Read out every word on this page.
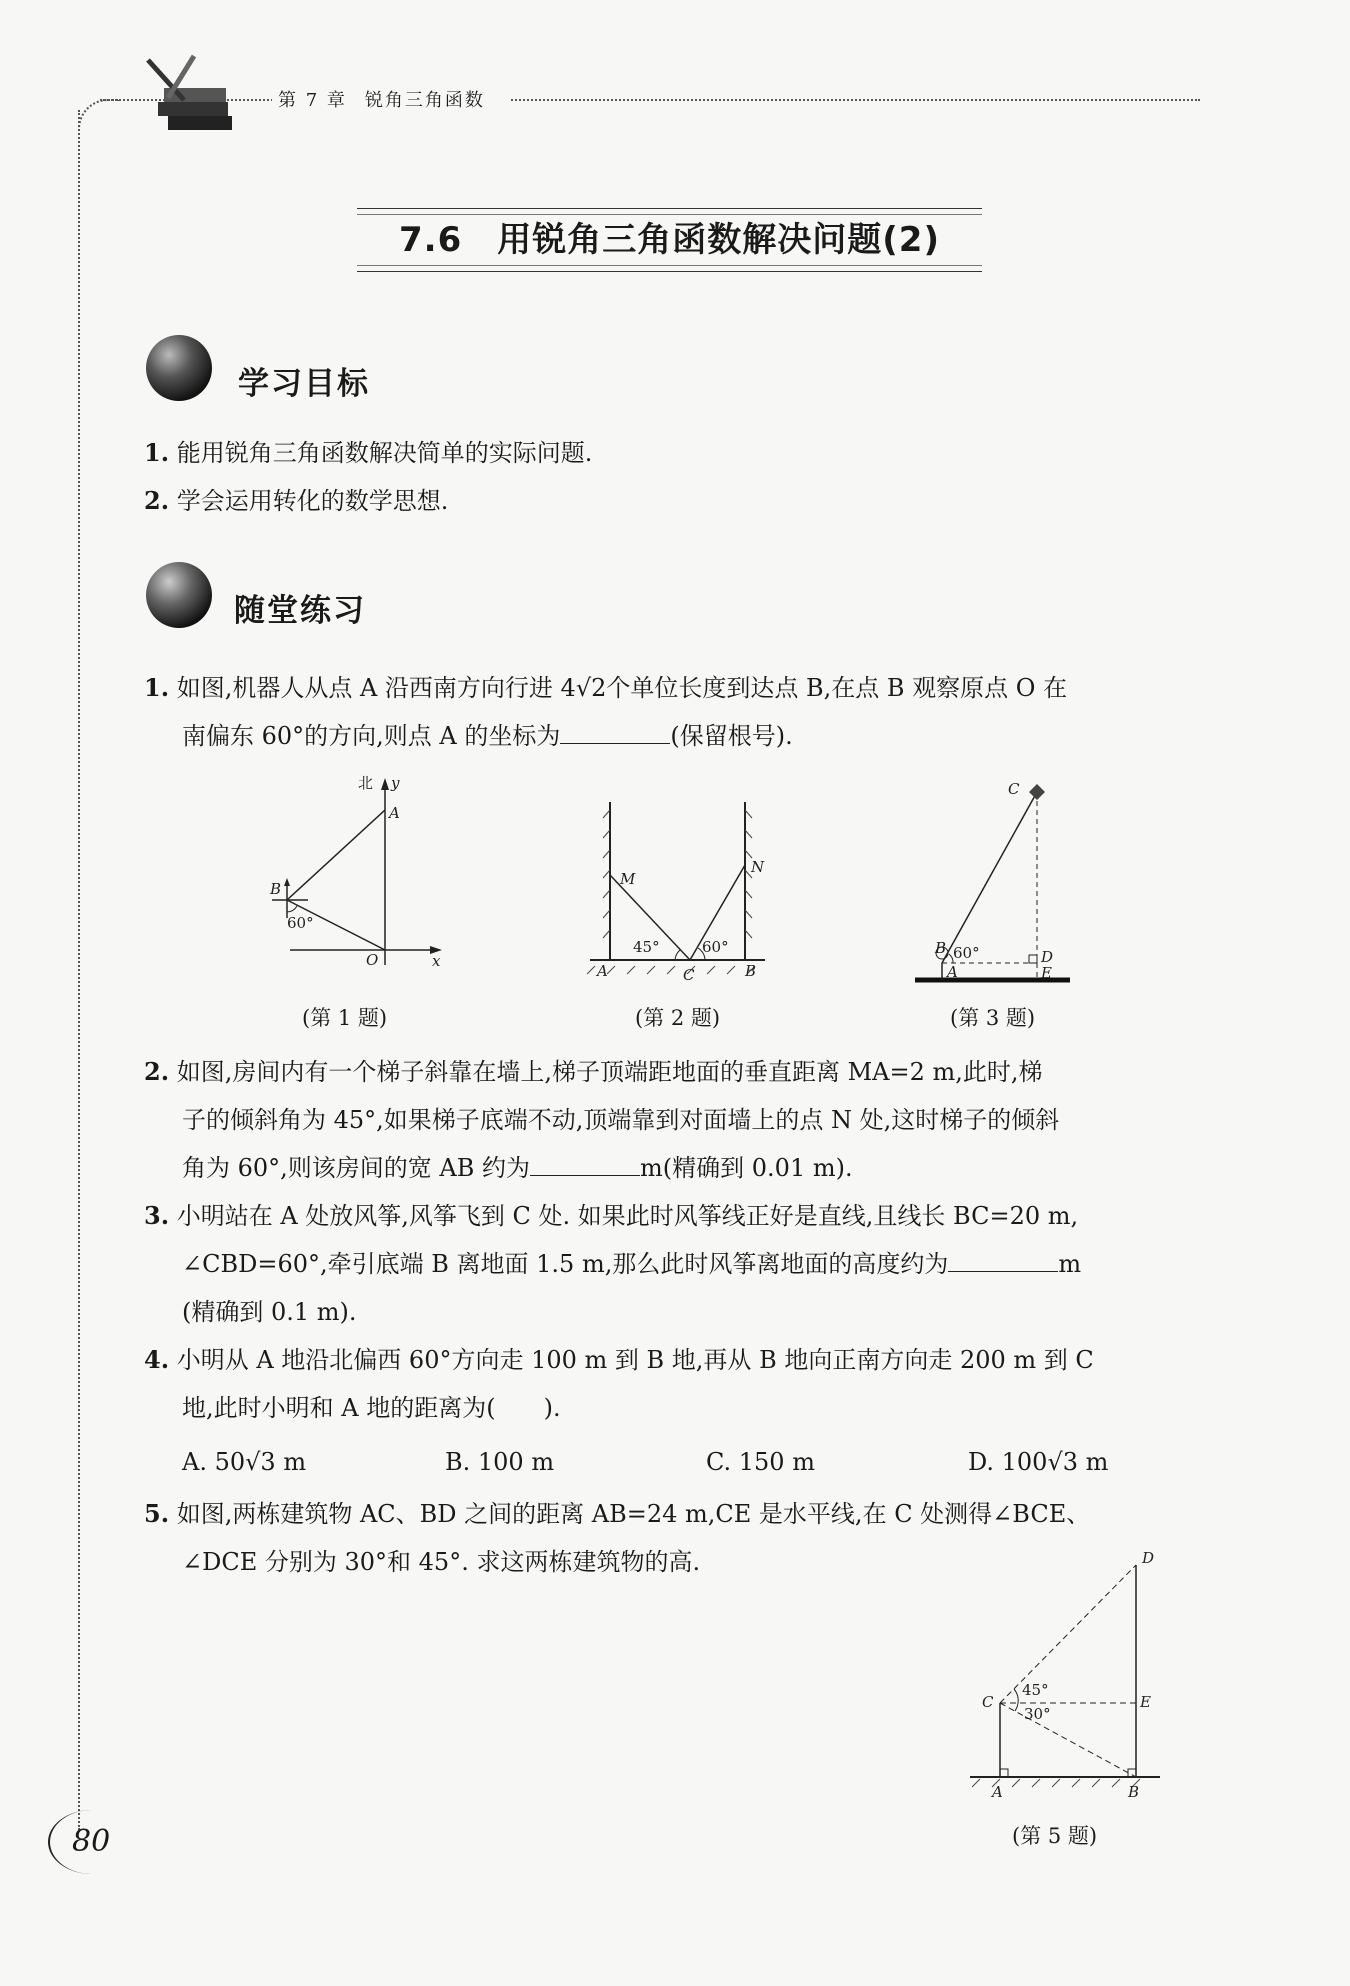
第 7 章 锐角三角函数
7.6　用锐角三角函数解决问题(2)
学习目标
1. 能用锐角三角函数解决简单的实际问题.
2. 学会运用转化的数学思想.
随堂练习
1. 如图,机器人从点 A 沿西南方向行进 4√2个单位长度到达点 B,在点 B 观察原点 O 在
南偏东 60°的方向,则点 A 的坐标为	(保留根号).
北 y
A
B
O	x
60°
(第 1 题)
M
N
A	B
C
45°	60°
(第 2 题)
C
B
A
D
E
60°
(第 3 题)
2. 如图,房间内有一个梯子斜靠在墙上,梯子顶端距地面的垂直距离 MA=2 m,此时,梯
子的倾斜角为 45°,如果梯子底端不动,顶端靠到对面墙上的点 N 处,这时梯子的倾斜
角为 60°,则该房间的宽 AB 约为	m(精确到 0.01 m).
3. 小明站在 A 处放风筝,风筝飞到 C 处. 如果此时风筝线正好是直线,且线长 BC=20 m,
∠CBD=60°,牵引底端 B 离地面 1.5 m,那么此时风筝离地面的高度约为	m
(精确到 0.1 m).
4. 小明从 A 地沿北偏西 60°方向走 100 m 到 B 地,再从 B 地向正南方向走 200 m 到 C
地,此时小明和 A 地的距离为(　　).
A. 50√3 m	B. 100 m	C. 150 m	D. 100√3 m
5. 如图,两栋建筑物 AC、BD 之间的距离 AB=24 m,CE 是水平线,在 C 处测得∠BCE、
∠DCE 分别为 30°和 45°. 求这两栋建筑物的高.	D
C	E
A	B
45°
30°
(第 5 题)
80
